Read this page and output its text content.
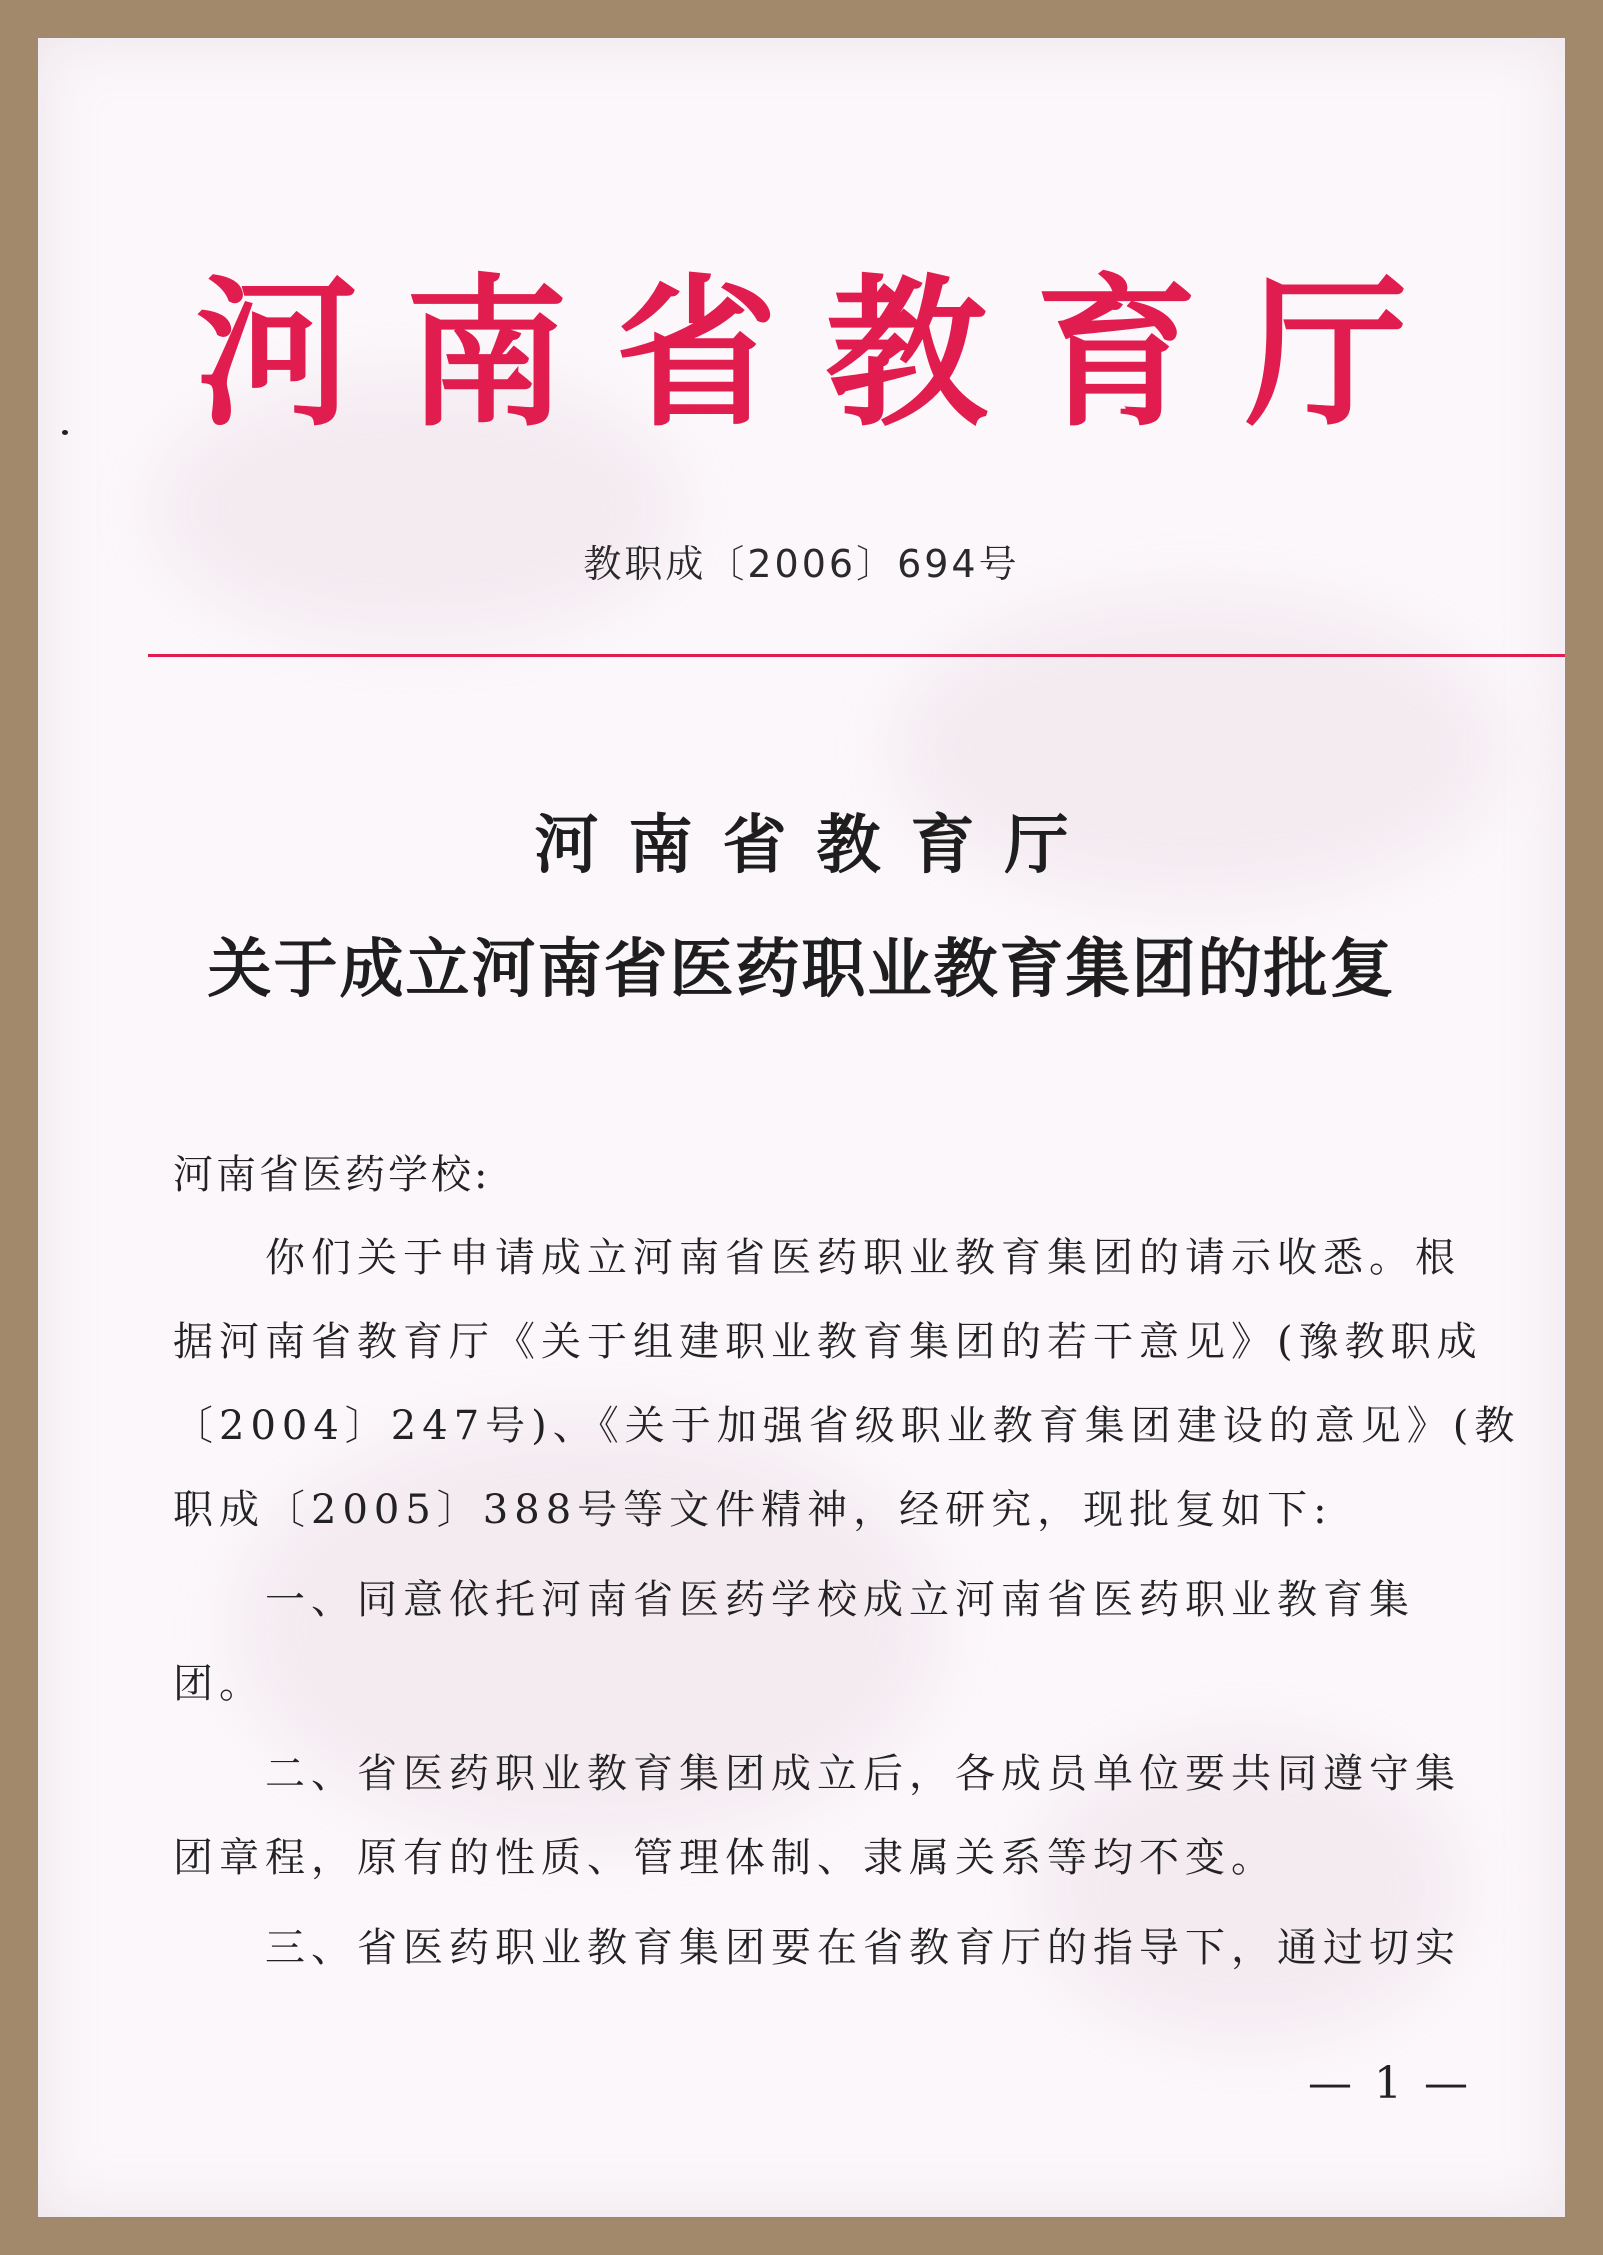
河南省教育厅
教职成〔2006〕694号
河南省教育厅
关于成立河南省医药职业教育集团的批复
河南省医药学校:
你们关于申请成立河南省医药职业教育集团的请示收悉。根
据河南省教育厅《关于组建职业教育集团的若干意见》(豫教职成
〔2004〕247号)、《关于加强省级职业教育集团建设的意见》(教
职成〔2005〕388号等文件精神，经研究，现批复如下:
一、同意依托河南省医药学校成立河南省医药职业教育集
团。
二、省医药职业教育集团成立后，各成员单位要共同遵守集
团章程，原有的性质、管理体制、隶属关系等均不变。
三、省医药职业教育集团要在省教育厅的指导下，通过切实
— 1 —
